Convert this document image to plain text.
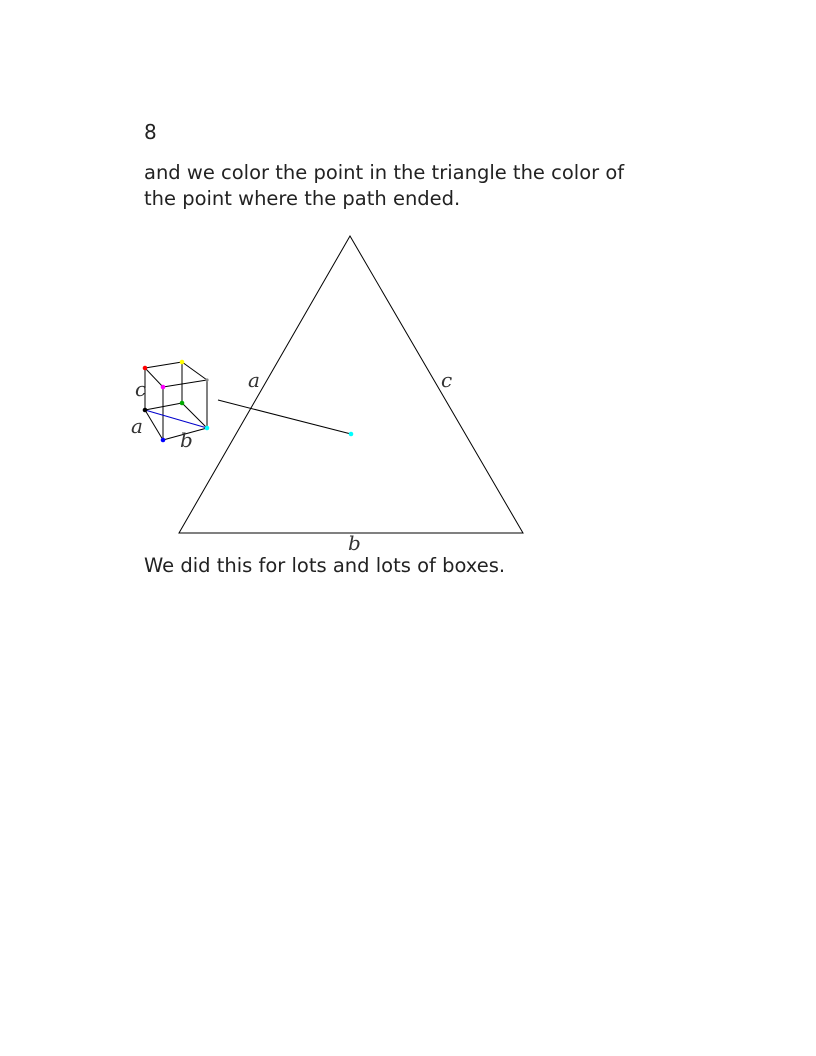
8

and we color the point in the triangle the color of the point where the path ended.

c
a
b
a	c
b

We did this for lots and lots of boxes.
